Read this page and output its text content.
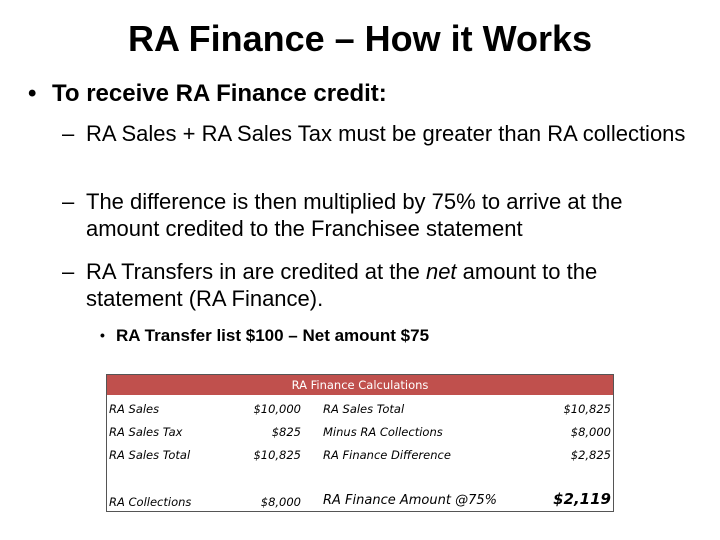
RA Finance – How it Works
• To receive RA Finance credit:
– RA Sales + RA Sales Tax must be greater than RA collections
– The difference is then multiplied by 75% to arrive at the amount credited to the Franchisee statement
– RA Transfers in are credited at the net amount to the statement (RA Finance).
• RA Transfer list $100 – Net amount $75
RA Finance Calculations
RA Sales	$10,000 RA Sales Total	$10,825
RA Sales Tax	$825 Minus RA Collections	$8,000
RA Sales Total	$10,825 RA Finance Difference	$2,825
RA Collections	$8,000 RA Finance Amount @75%	$2,119
